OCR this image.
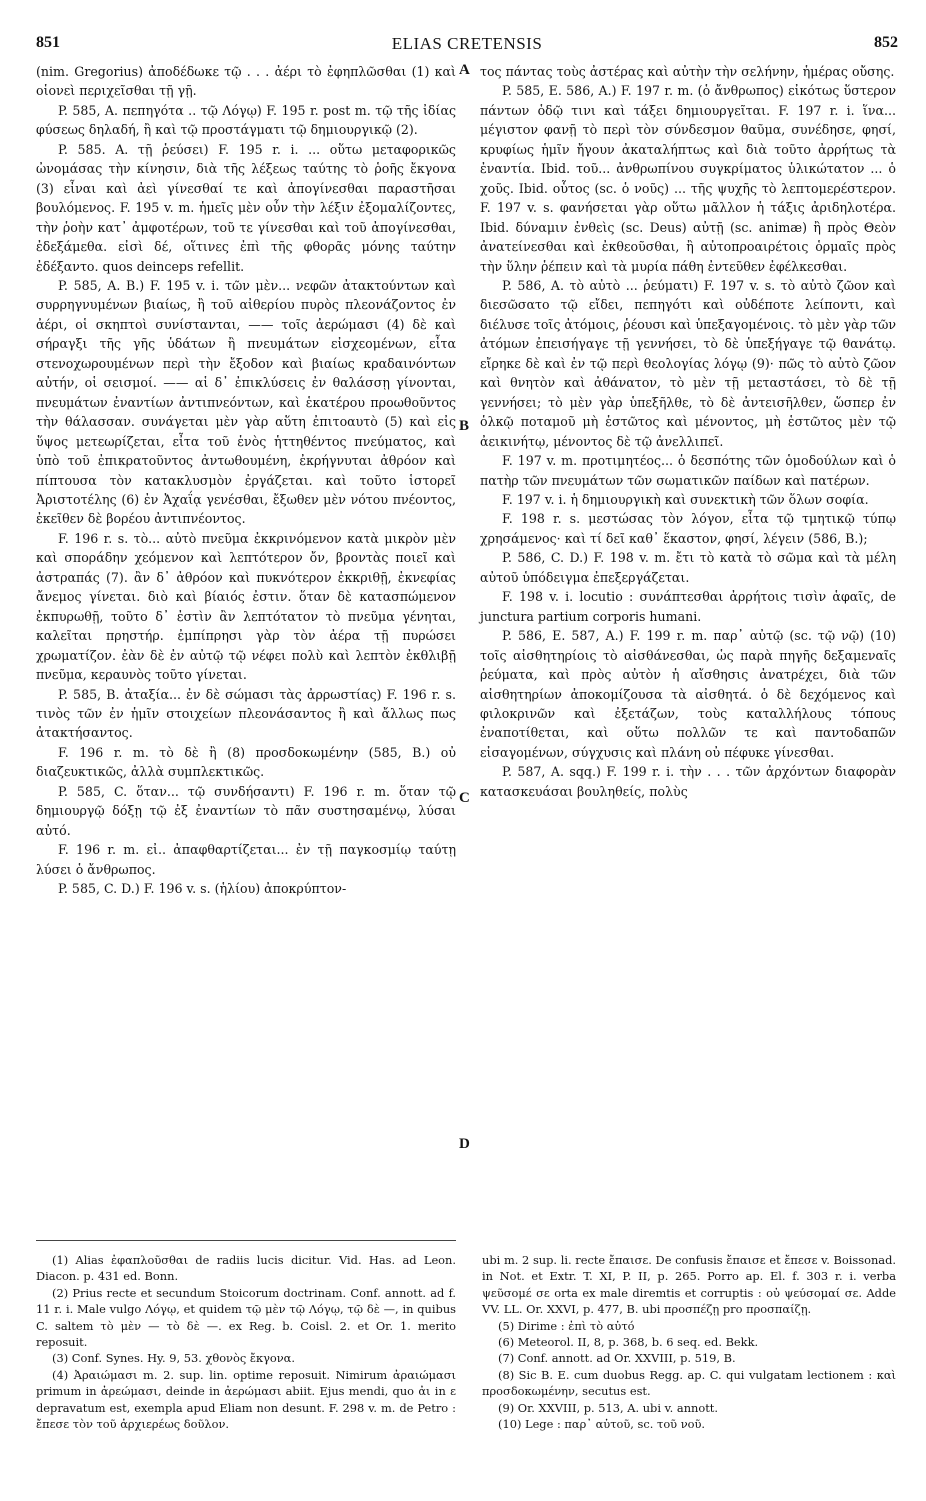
851	ELIAS CRETENSIS	852

(nim. Gregorius) ἀποδέδωκε τῷ . . . ἀέρι τὸ ἐφηπλῶσθαι (1) καὶ οἱονεὶ περιχεῖσθαι τῇ γῇ.

P. 585, A. πεπηγότα .. τῷ Λόγῳ) F. 195 r. post m. τῷ τῆς ἰδίας φύσεως δηλαδή, ἢ καὶ τῷ προστάγματι τῷ δημιουργικῷ (2).

P. 585. A. τῇ ῥεύσει) F. 195 r. i. ... οὕτω μεταφορικῶς ὠνομάσας τὴν κίνησιν, διὰ τῆς λέξεως ταύτης τὸ ῥοῆς ἔκγονα (3) εἶναι καὶ ἀεὶ γίνεσθαί τε καὶ ἀπογίνεσθαι παραστῆσαι βουλόμενος. F. 195 v. m. ἡμεῖς μὲν οὖν τὴν λέξιν ἐξομαλίζοντες, τὴν ῥοὴν κατ᾽ ἀμφοτέρων, τοῦ τε γίνεσθαι καὶ τοῦ ἀπογίνεσθαι, ἐδεξάμεθα. εἰσὶ δέ, οἵτινες ἐπὶ τῆς φθορᾶς μόνης ταύτην ἐδέξαντο. quos deinceps refellit.

P. 585, A. B.) F. 195 v. i. τῶν μὲν... νεφῶν ἀτακτούντων καὶ συρρηγνυμένων βιαίως, ἢ τοῦ αἰθερίου πυρὸς πλεονάζοντος ἐν ἀέρι, οἱ σκηπτοὶ συνίστανται, —— τοῖς ἀερώμασι (4) δὲ καὶ σήραγξι τῆς γῆς ὑδάτων ἢ πνευμάτων εἰσχεομένων, εἶτα στενοχωρουμένων περὶ τὴν ἔξοδον καὶ βιαίως κραδαινόντων αὐτήν, οἱ σεισμοί. —— αἱ δ᾽ ἐπικλύσεις ἐν θαλάσσῃ γίνονται, πνευμάτων ἐναντίων ἀντιπνεόντων, καὶ ἑκατέρου προωθοῦντος τὴν θάλασσαν. συνάγεται μὲν γὰρ αὕτη ἐπιτοαυτὸ (5) καὶ εἰς ὕψος μετεωρίζεται, εἶτα τοῦ ἑνὸς ἡττηθέντος πνεύματος, καὶ ὑπὸ τοῦ ἐπικρατοῦντος ἀντωθουμένη, ἐκρήγνυται ἀθρόον καὶ πίπτουσα τὸν κατακλυσμὸν ἐργάζεται. καὶ τοῦτο ἱστορεῖ Ἀριστοτέλης (6) ἐν Ἀχαΐᾳ γενέσθαι, ἔξωθεν μὲν νότου πνέοντος, ἐκεῖθεν δὲ βορέου ἀντιπνέοντος.

F. 196 r. s. τὸ... αὐτὸ πνεῦμα ἐκκρινόμενον κατὰ μικρὸν μὲν καὶ σποράδην χεόμενον καὶ λεπτότερον ὄν, βροντὰς ποιεῖ καὶ ἀστραπάς (7). ἂν δ᾽ ἀθρόον καὶ πυκνότερον ἐκκριθῇ, ἐκνεφίας ἄνεμος γίνεται. διὸ καὶ βίαιός ἐστιν. ὅταν δὲ κατασπώμενον ἐκπυρωθῇ, τοῦτο δ᾽ ἐστὶν ἂν λεπτότατον τὸ πνεῦμα γένηται, καλεῖται πρηστήρ. ἐμπίπρησι γὰρ τὸν ἀέρα τῇ πυρώσει χρωματίζον. ἐὰν δὲ ἐν αὐτῷ τῷ νέφει πολὺ καὶ λεπτὸν ἐκθλιβῇ πνεῦμα, κεραυνὸς τοῦτο γίνεται.

P. 585, B. ἀταξία... ἐν δὲ σώμασι τὰς ἀρρωστίας) F. 196 r. s. τινὸς τῶν ἐν ἡμῖν στοιχείων πλεονάσαντος ἢ καὶ ἄλλως πως ἀτακτήσαντος.

F. 196 r. m. τὸ δὲ ἢ (8) προσδοκωμένην (585, B.) οὐ διαζευκτικῶς, ἀλλὰ συμπλεκτικῶς.

P. 585, C. ὅταν... τῷ συνδήσαντι) F. 196 r. m. ὅταν τῷ δημιουργῷ δόξῃ τῷ ἐξ ἐναντίων τὸ πᾶν συστησαμένῳ, λύσαι αὐτό.

F. 196 r. m. εἰ.. ἀπαφθαρτίζεται... ἐν τῇ παγκοσμίῳ ταύτῃ λύσει ὁ ἄνθρωπος.

P. 585, C. D.) F. 196 v. s. (ἡλίου) ἀποκρύπτον-

A
B
C
D

τος πάντας τοὺς ἀστέρας καὶ αὐτὴν τὴν σελήνην, ἡμέρας οὔσης.

P. 585, E. 586, A.) F. 197 r. m. (ὁ ἄνθρωπος) εἰκότως ὕστερον πάντων ὁδῷ τινι καὶ τάξει δημιουργεῖται. F. 197 r. i. ἵνα... μέγιστον φανῇ τὸ περὶ τὸν σύνδεσμον θαῦμα, συνέδησε, φησί, κρυφίως ἡμῖν ἤγουν ἀκαταλήπτως καὶ διὰ τοῦτο ἀρρήτως τὰ ἐναντία. Ibid. τοῦ... ἀνθρωπίνου συγκρίματος ὑλικώτατον ... ὁ χοῦς. Ibid. οὗτος (sc. ὁ νοῦς) ... τῆς ψυχῆς τὸ λεπτομερέστερον. F. 197 v. s. φανήσεται γὰρ οὕτω μᾶλλον ἡ τάξις ἀριδηλοτέρα. Ibid. δύναμιν ἐνθεὶς (sc. Deus) αὐτῇ (sc. animæ) ἢ πρὸς Θεὸν ἀνατείνεσθαι καὶ ἐκθεοῦσθαι, ἢ αὐτοπροαιρέτοις ὁρμαῖς πρὸς τὴν ὕλην ῥέπειν καὶ τὰ μυρία πάθη ἐντεῦθεν ἐφέλκεσθαι.

P. 586, A. τὸ αὐτὸ ... ῥεύματι) F. 197 v. s. τὸ αὐτὸ ζῶον καὶ διεσῶσατο τῷ εἴδει, πεπηγότι καὶ οὐδέποτε λείποντι, καὶ διέλυσε τοῖς ἀτόμοις, ῥέουσι καὶ ὑπεξαγομένοις. τὸ μὲν γὰρ τῶν ἀτόμων ἐπεισήγαγε τῇ γεννήσει, τὸ δὲ ὑπεξήγαγε τῷ θανάτῳ. εἴρηκε δὲ καὶ ἐν τῷ περὶ θεολογίας λόγῳ (9)· πῶς τὸ αὐτὸ ζῶον καὶ θνητὸν καὶ ἀθάνατον, τὸ μὲν τῇ μεταστάσει, τὸ δὲ τῇ γεννήσει; τὸ μὲν γὰρ ὑπεξῆλθε, τὸ δὲ ἀντεισῆλθεν, ὥσπερ ἐν ὁλκῷ ποταμοῦ μὴ ἑστῶτος καὶ μένοντος, μὴ ἑστῶτος μὲν τῷ ἀεικινήτῳ, μένοντος δὲ τῷ ἀνελλιπεῖ.

F. 197 v. m. προτιμητέος... ὁ δεσπότης τῶν ὁμοδούλων καὶ ὁ πατὴρ τῶν πνευμάτων τῶν σωματικῶν παίδων καὶ πατέρων.

F. 197 v. i. ἡ δημιουργικὴ καὶ συνεκτικὴ τῶν ὅλων σοφία.

F. 198 r. s. μεστώσας τὸν λόγον, εἶτα τῷ τμητικῷ τύπῳ χρησάμενος· καὶ τί δεῖ καθ᾽ ἕκαστον, φησί, λέγειν (586, B.);

P. 586, C. D.) F. 198 v. m. ἔτι τὸ κατὰ τὸ σῶμα καὶ τὰ μέλη αὐτοῦ ὑπόδειγμα ἐπεξεργάζεται.

F. 198 v. i. locutio : συνάπτεσθαι ἀρρήτοις τισὶν ἁφαῖς, de junctura partium corporis humani.

P. 586, E. 587, A.) F. 199 r. m. παρ᾽ αὐτῷ (sc. τῷ νῷ) (10) τοῖς αἰσθητηρίοις τὸ αἰσθάνεσθαι, ὡς παρὰ πηγῆς δεξαμεναῖς ῥεύματα, καὶ πρὸς αὐτὸν ἡ αἴσθησις ἀνατρέχει, διὰ τῶν αἰσθητηρίων ἀποκομίζουσα τὰ αἰσθητά. ὁ δὲ δεχόμενος καὶ φιλοκρινῶν καὶ ἐξετάζων, τοὺς καταλλήλους τόπους ἐναποτίθεται, καὶ οὕτω πολλῶν τε καὶ παντοδαπῶν εἰσαγομένων, σύγχυσις καὶ πλάνη οὐ πέφυκε γίνεσθαι.

P. 587, A. sqq.) F. 199 r. i. τὴν . . . τῶν ἀρχόντων διαφορὰν κατασκευάσαι βουληθείς, πολὺς

(1) Alias ἐφαπλοῦσθαι de radiis lucis dicitur. Vid. Has. ad Leon. Diacon. p. 431 ed. Bonn.

(2) Prius recte et secundum Stoicorum doctrinam. Conf. annott. ad f. 11 r. i. Male vulgo Λόγῳ, et quidem τῷ μὲν τῷ Λόγῳ, τῷ δὲ —, in quibus C. saltem τὸ μὲν — τὸ δὲ —. ex Reg. b. Coisl. 2. et Or. 1. merito reposuit.

(3) Conf. Synes. Hy. 9, 53. χθονὸς ἔκγονα.

(4) Ἀραιώμασι m. 2. sup. lin. optime reposuit. Nimirum ἀραιώμασι primum in ἀρεώμασι, deinde in ἀερώμασι abiit. Ejus mendi, quo ἀι in ε depravatum est, exempla apud Eliam non desunt. F. 298 v. m. de Petro : ἔπεσε τὸν τοῦ ἀρχιερέως δοῦλον.

ubi m. 2 sup. li. recte ἔπαισε. De confusis ἔπαισε et ἔπεσε v. Boissonad. in Not. et Extr. T. XI, P. II, p. 265. Porro ap. El. f. 303 r. i. verba ψεῦσομέ σε orta ex male diremtis et corruptis : οὐ ψεύσομαί σε. Adde VV. LL. Or. XXVI, p. 477, B. ubi προσπέζῃ pro προσπαίζῃ.

(5) Dirime : ἐπὶ τὸ αὐτό

(6) Meteorol. II, 8, p. 368, b. 6 seq. ed. Bekk.

(7) Conf. annott. ad Or. XXVIII, p. 519, B.

(8) Sic B. E. cum duobus Regg. ap. C. qui vulgatam lectionem : καὶ προσδοκωμένην, secutus est.

(9) Or. XXVIII, p. 513, A. ubi v. annott.

(10) Lege : παρ᾽ αὐτοῦ, sc. τοῦ νοῦ.
